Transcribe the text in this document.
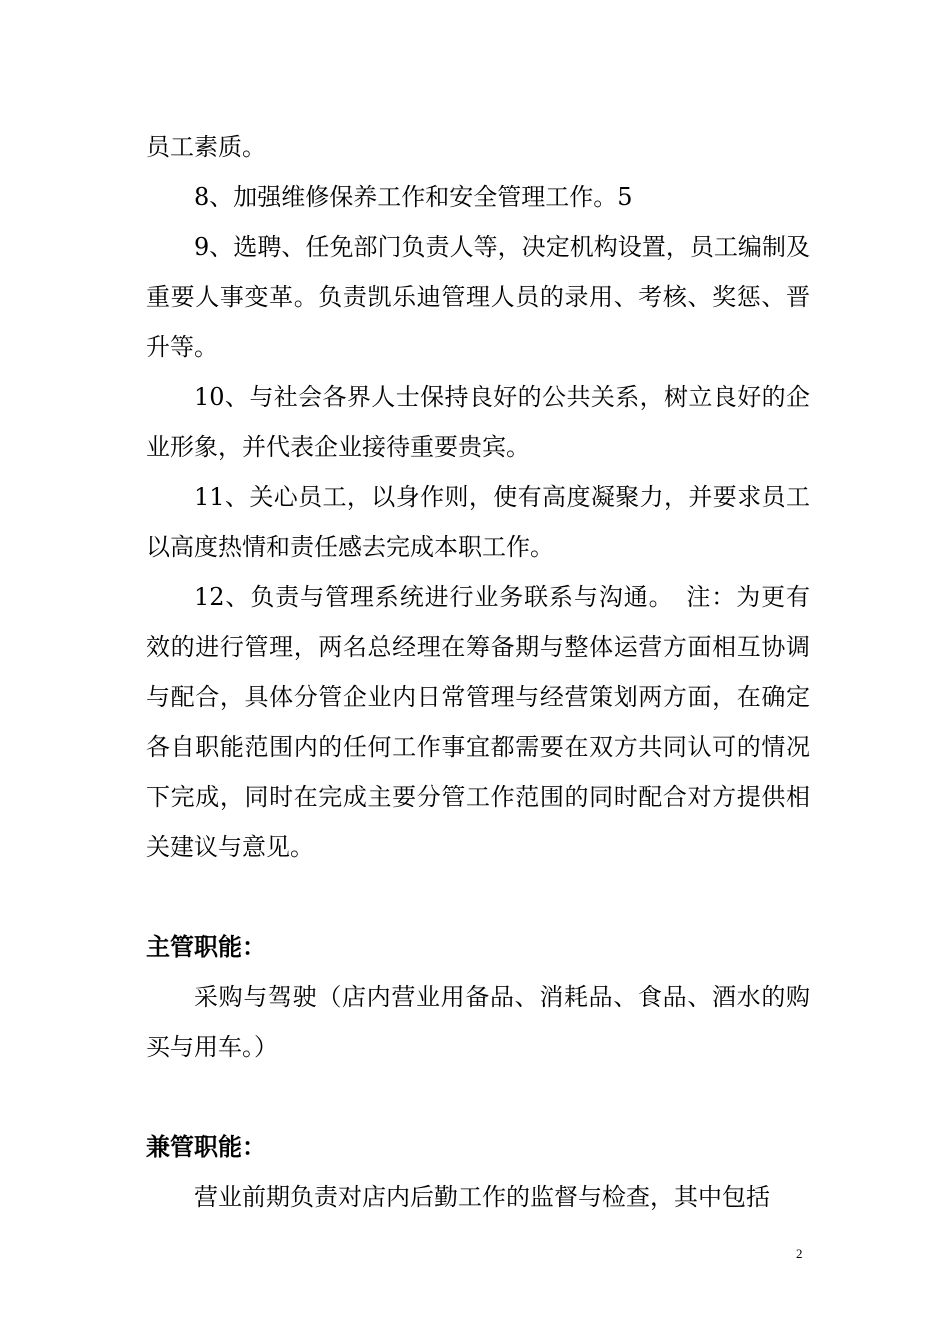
员工素质。

8、加强维修保养工作和安全管理工作。5

9、选聘、任免部门负责人等，决定机构设置，员工编制及重要人事变革。负责凯乐迪管理人员的录用、考核、奖惩、晋升等。

10、与社会各界人士保持良好的公共关系，树立良好的企业形象，并代表企业接待重要贵宾。

11、关心员工，以身作则，使有高度凝聚力，并要求员工以高度热情和责任感去完成本职工作。

12、负责与管理系统进行业务联系与沟通。　注：为更有效的进行管理，两名总经理在筹备期与整体运营方面相互协调与配合，具体分管企业内日常管理与经营策划两方面，在确定各自职能范围内的任何工作事宜都需要在双方共同认可的情况下完成，同时在完成主要分管工作范围的同时配合对方提供相关建议与意见。

主管职能：

采购与驾驶（店内营业用备品、消耗品、食品、酒水的购买与用车。）

兼管职能：

营业前期负责对店内后勤工作的监督与检查，其中包括

2
